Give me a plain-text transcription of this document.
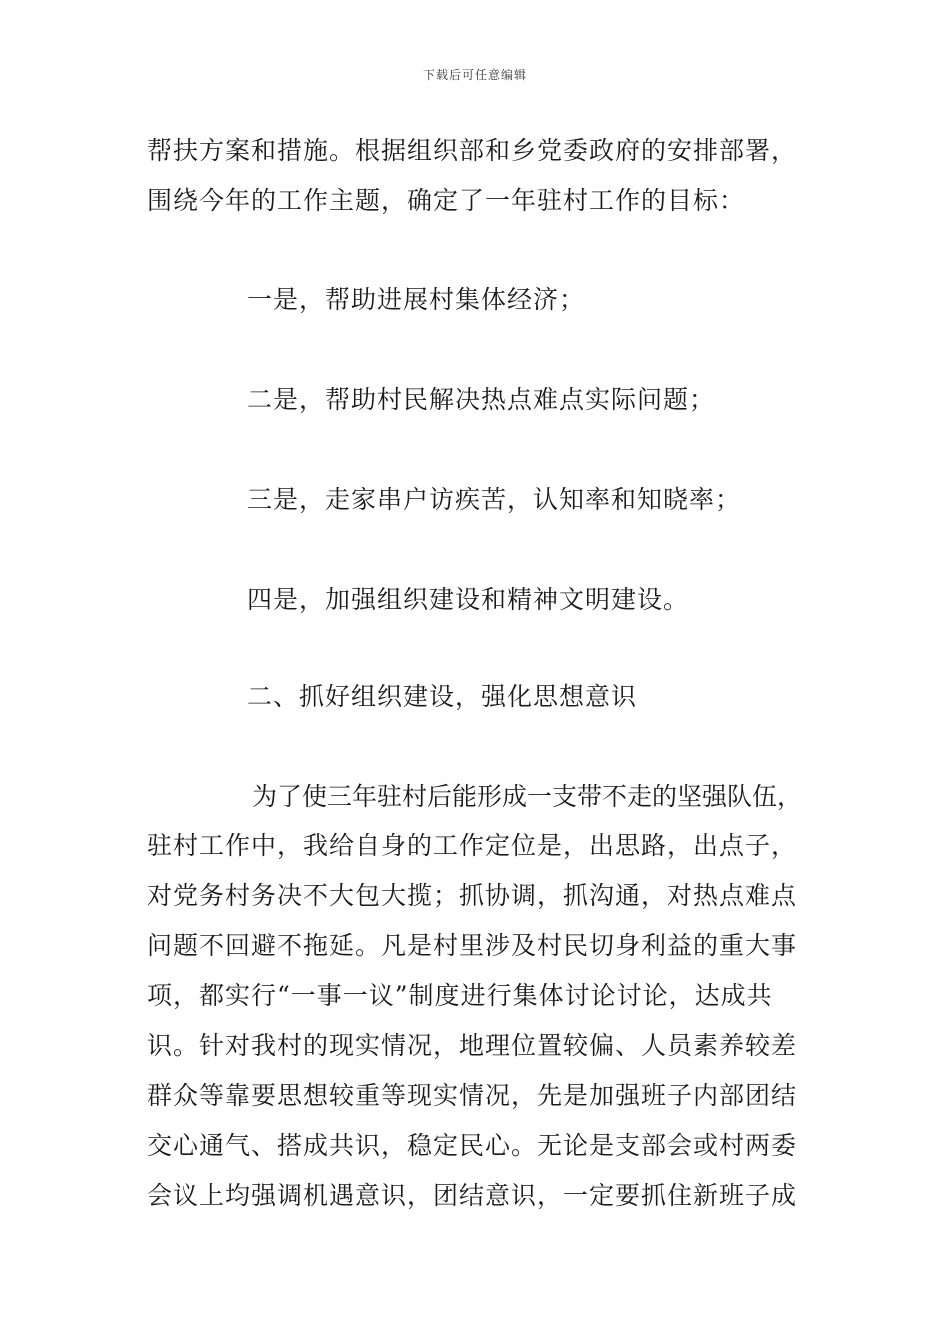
下载后可任意编辑
帮扶方案和措施。根据组织部和乡党委政府的安排部署，
围绕今年的工作主题，确定了一年驻村工作的目标：
一是，帮助进展村集体经济；
二是，帮助村民解决热点难点实际问题；
三是，走家串户访疾苦，认知率和知晓率；
四是，加强组织建设和精神文明建设。
二、抓好组织建设，强化思想意识
为了使三年驻村后能形成一支带不走的坚强队伍，
驻村工作中，我给自身的工作定位是，出思路，出点子，
对党务村务决不大包大揽；抓协调，抓沟通，对热点难点
问题不回避不拖延。凡是村里涉及村民切身利益的重大事
项，都实行“一事一议”制度进行集体讨论讨论，达成共
识。针对我村的现实情况，地理位置较偏、人员素养较差
群众等靠要思想较重等现实情况，先是加强班子内部团结
交心通气、搭成共识，稳定民心。无论是支部会或村两委
会议上均强调机遇意识，团结意识，一定要抓住新班子成
